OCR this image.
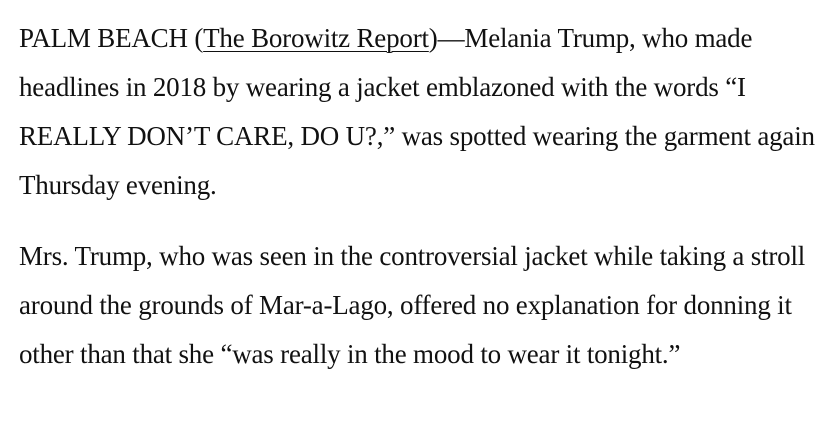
PALM BEACH (The Borowitz Report)—Melania Trump, who made headlines in 2018 by wearing a jacket emblazoned with the words “I REALLY DON’T CARE, DO U?,” was spotted wearing the garment again Thursday evening.

Mrs. Trump, who was seen in the controversial jacket while taking a stroll around the grounds of Mar-a-Lago, offered no explanation for donning it other than that she “was really in the mood to wear it tonight.”
